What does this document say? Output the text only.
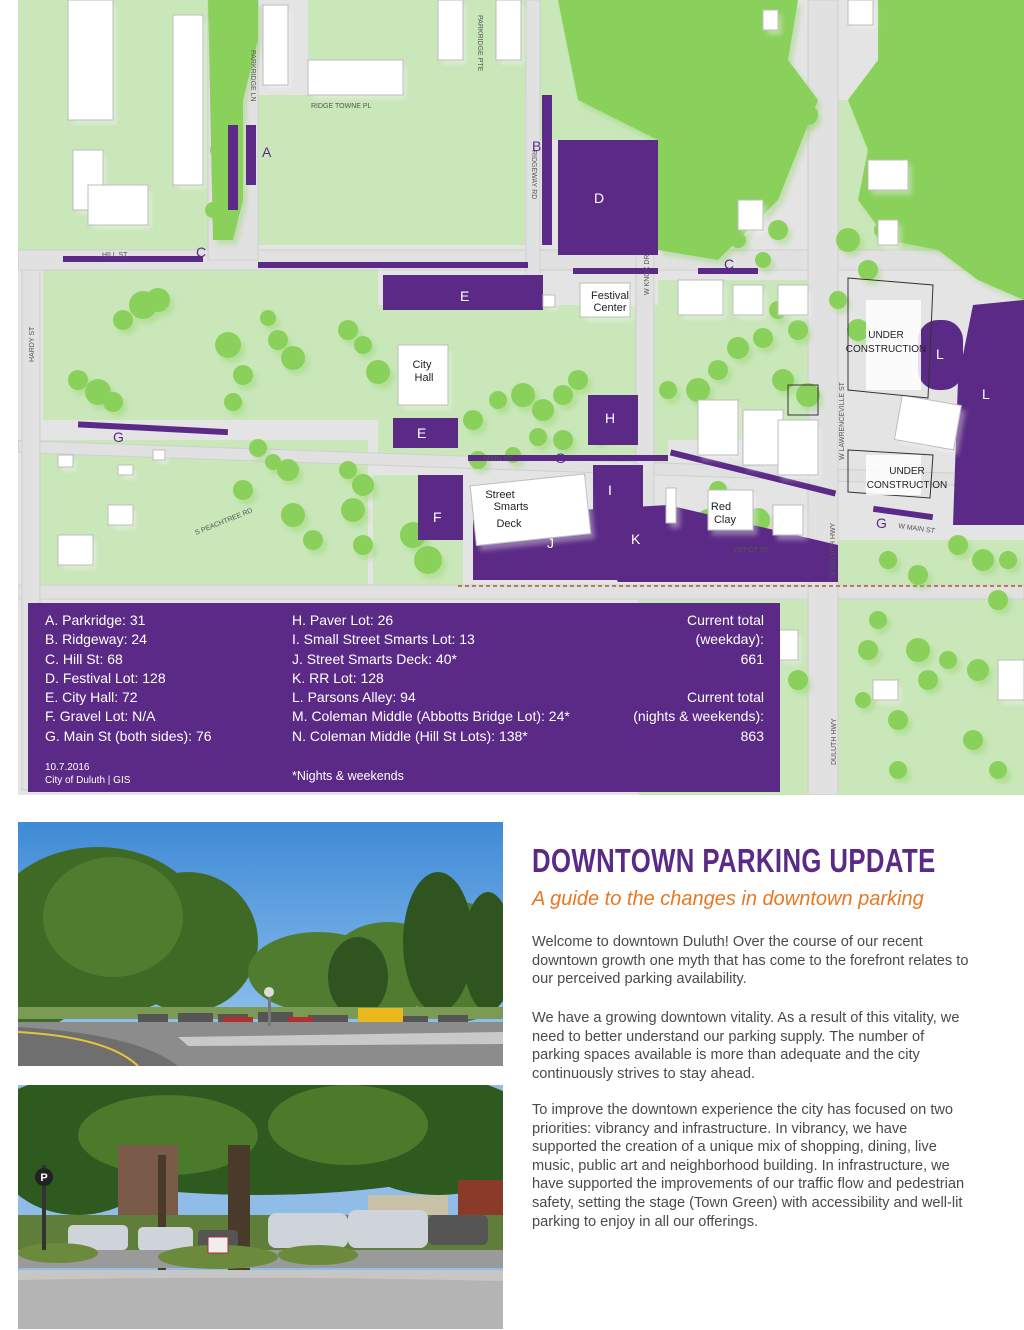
RIDGE TOWNE PL
PARKRIDGE LN
PARKRIDGE PTE
RIDGEWAY RD
HILL ST
HARDY ST
W KNOX DR
MAIN ST
S PEACHTREE RD
DEPOT ST
W LAWRENCEVILLE ST
W MAIN ST
W DULUTH HWY
DULUTH HWY
Festival
Center
City
Hall
Street
Smarts
Deck
Red
Clay
UNDER
CONSTRUCTION
UNDER
CONSTRUCTION
A	B
C
C
D
E
E
F
G
G
G
H
I
J	K
L
L
A. Parkridge: 31
B. Ridgeway: 24
C. Hill St: 68
D. Festival Lot: 128
E. City Hall: 72
F. Gravel Lot: N/A
G. Main St (both sides): 76
H. Paver Lot: 26
I. Small Street Smarts Lot: 13
J. Street Smarts Deck: 40*
K. RR Lot: 128
L. Parsons Alley: 94
M. Coleman Middle (Abbotts Bridge Lot): 24*
N. Coleman Middle (Hill St Lots): 138*
Current total
(weekday):
661
Current total
(nights & weekends):
863
10.7.2016
City of Duluth | GIS	*Nights & weekends
P
DOWNTOWN PARKING UPDATE
A guide to the changes in downtown parking

Welcome to downtown Duluth! Over the course of our recent downtown growth one myth that has come to the forefront relates to our perceived parking availability.

We have a growing downtown vitality. As a result of this vitality, we need to better understand our parking supply. The number of parking spaces available is more than adequate and the city continuously strives to stay ahead.

To improve the downtown experience the city has focused on two priorities: vibrancy and infrastructure. In vibrancy, we have supported the creation of a unique mix of shopping, dining, live music, public art and neighborhood building. In infrastructure, we have supported the improvements of our traffic flow and pedestrian safety, setting the stage (Town Green) with accessibility and well-lit parking to enjoy in all our offerings.
